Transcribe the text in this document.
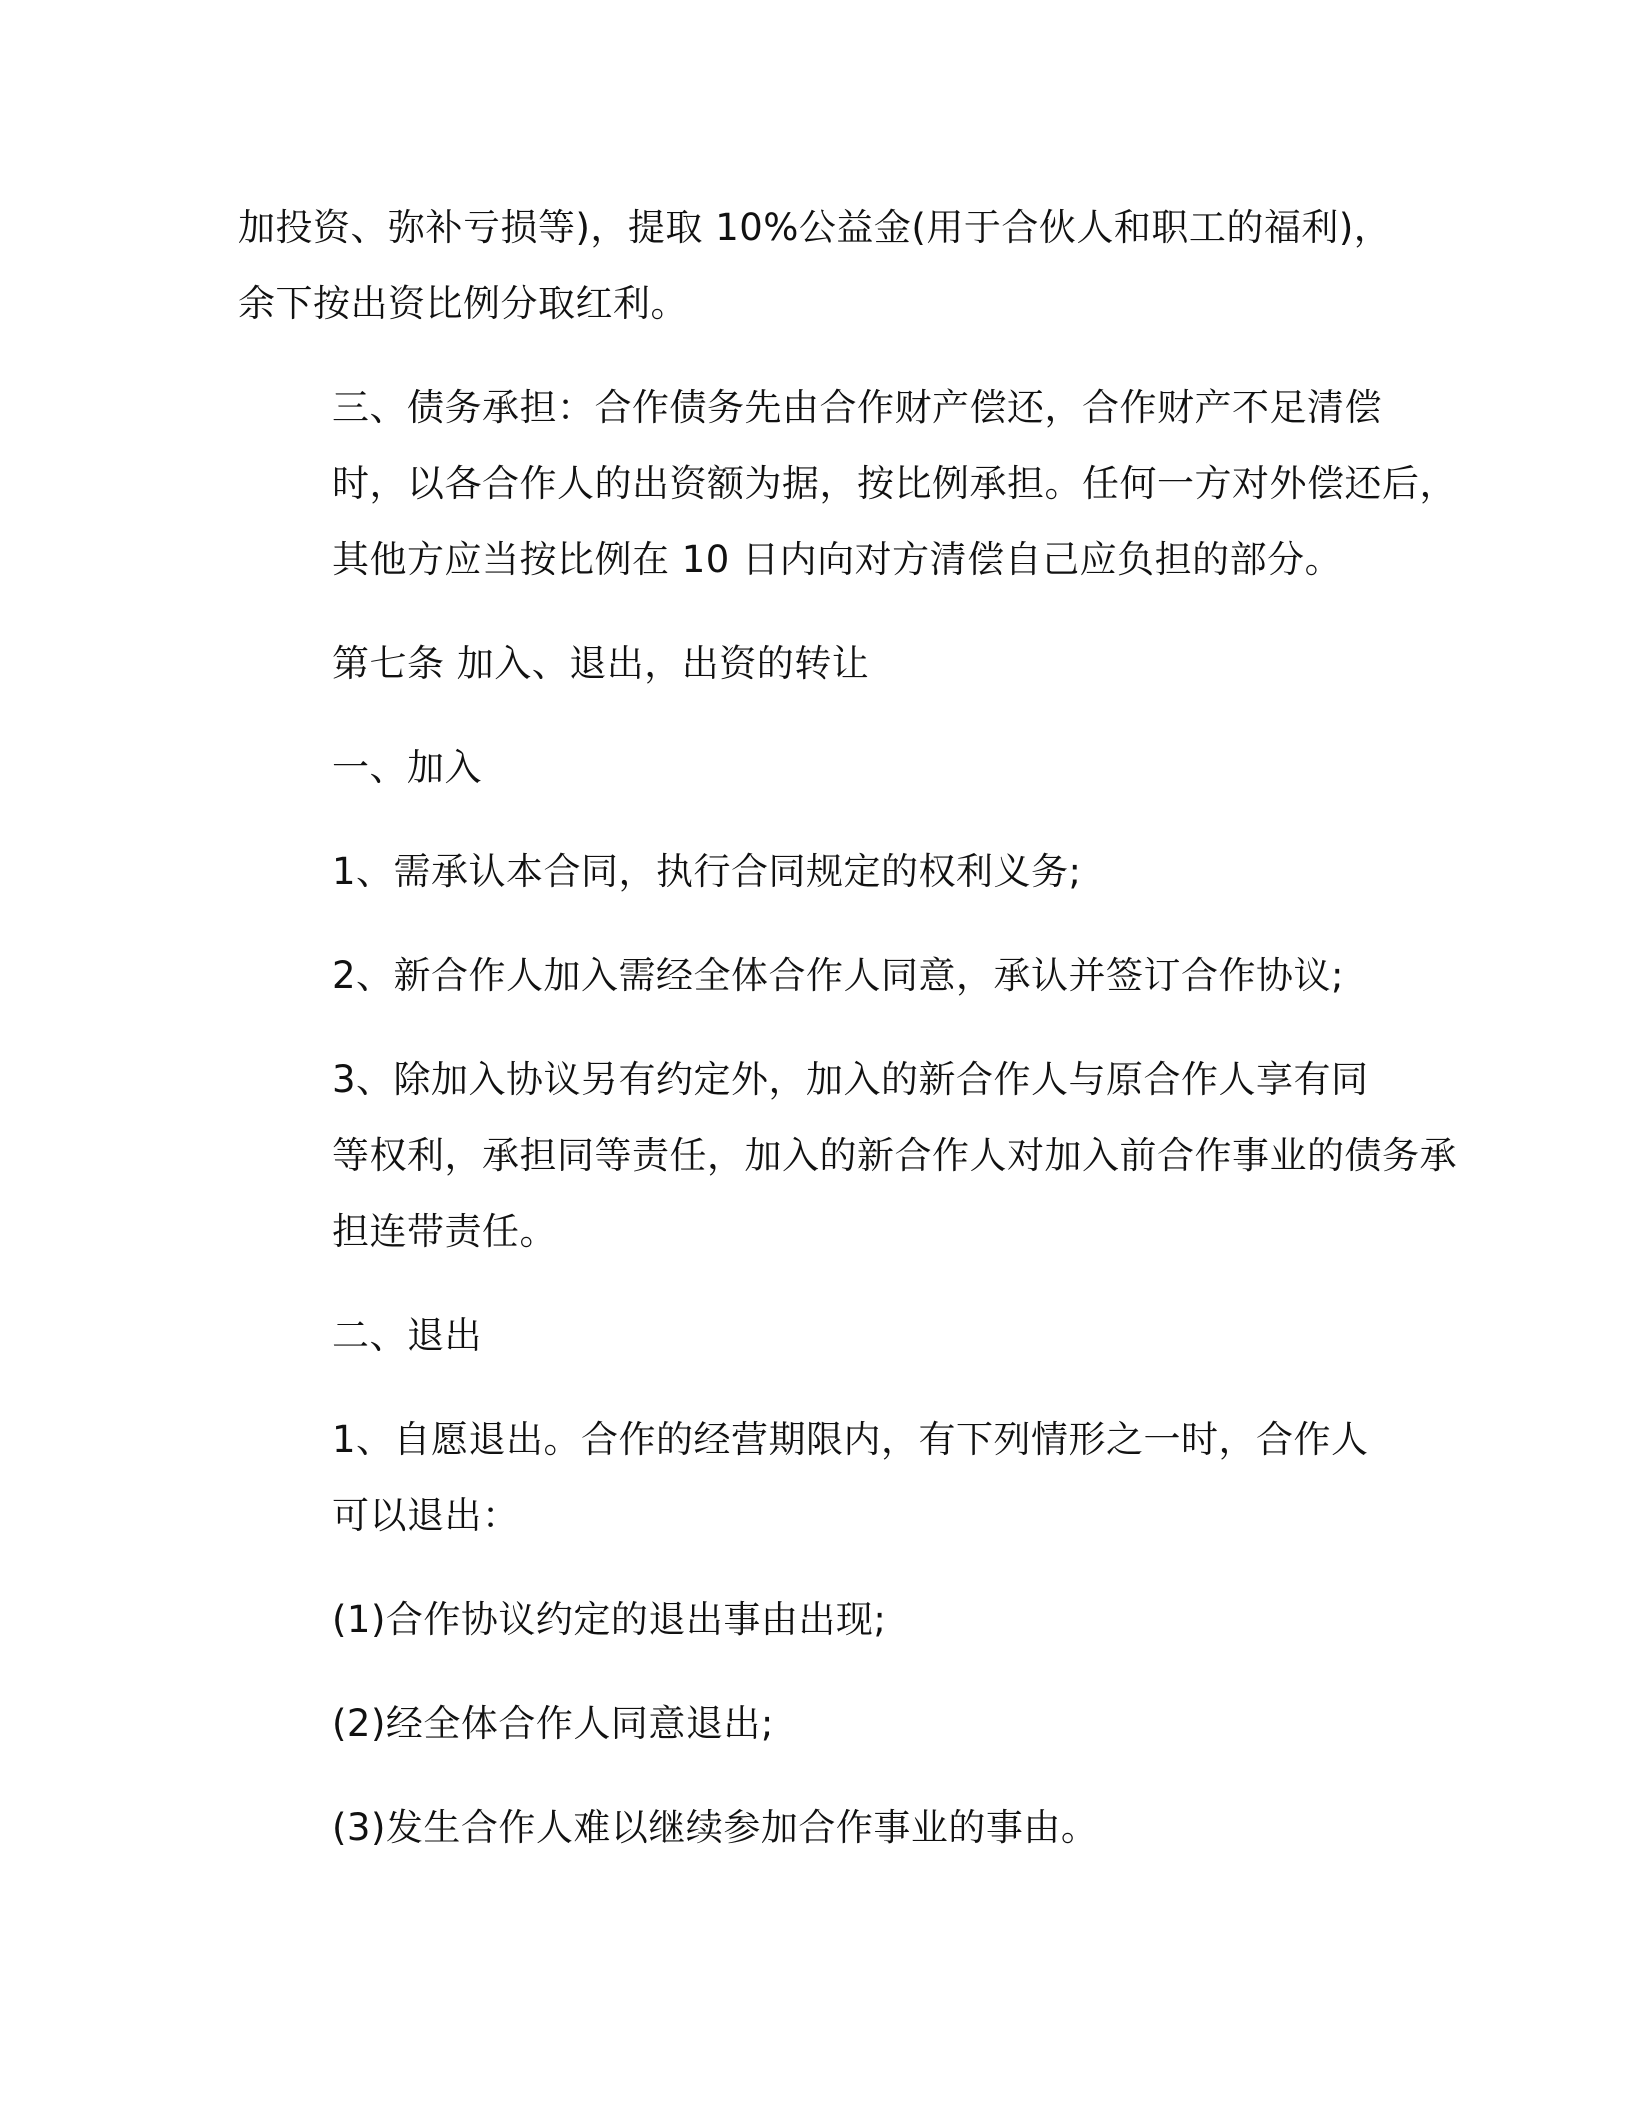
加投资、弥补亏损等)，提取 10%公益金(用于合伙人和职工的福利)，
余下按出资比例分取红利。

三、债务承担：合作债务先由合作财产偿还，合作财产不足清偿
时，以各合作人的出资额为据，按比例承担。任何一方对外偿还后，
其他方应当按比例在 10 日内向对方清偿自己应负担的部分。

第七条 加入、退出，出资的转让

一、加入

1、需承认本合同，执行合同规定的权利义务;

2、新合作人加入需经全体合作人同意，承认并签订合作协议;

3、除加入协议另有约定外，加入的新合作人与原合作人享有同
等权利，承担同等责任，加入的新合作人对加入前合作事业的债务承
担连带责任。

二、退出

1、自愿退出。合作的经营期限内，有下列情形之一时，合作人
可以退出：

(1)合作协议约定的退出事由出现;

(2)经全体合作人同意退出;

(3)发生合作人难以继续参加合作事业的事由。
